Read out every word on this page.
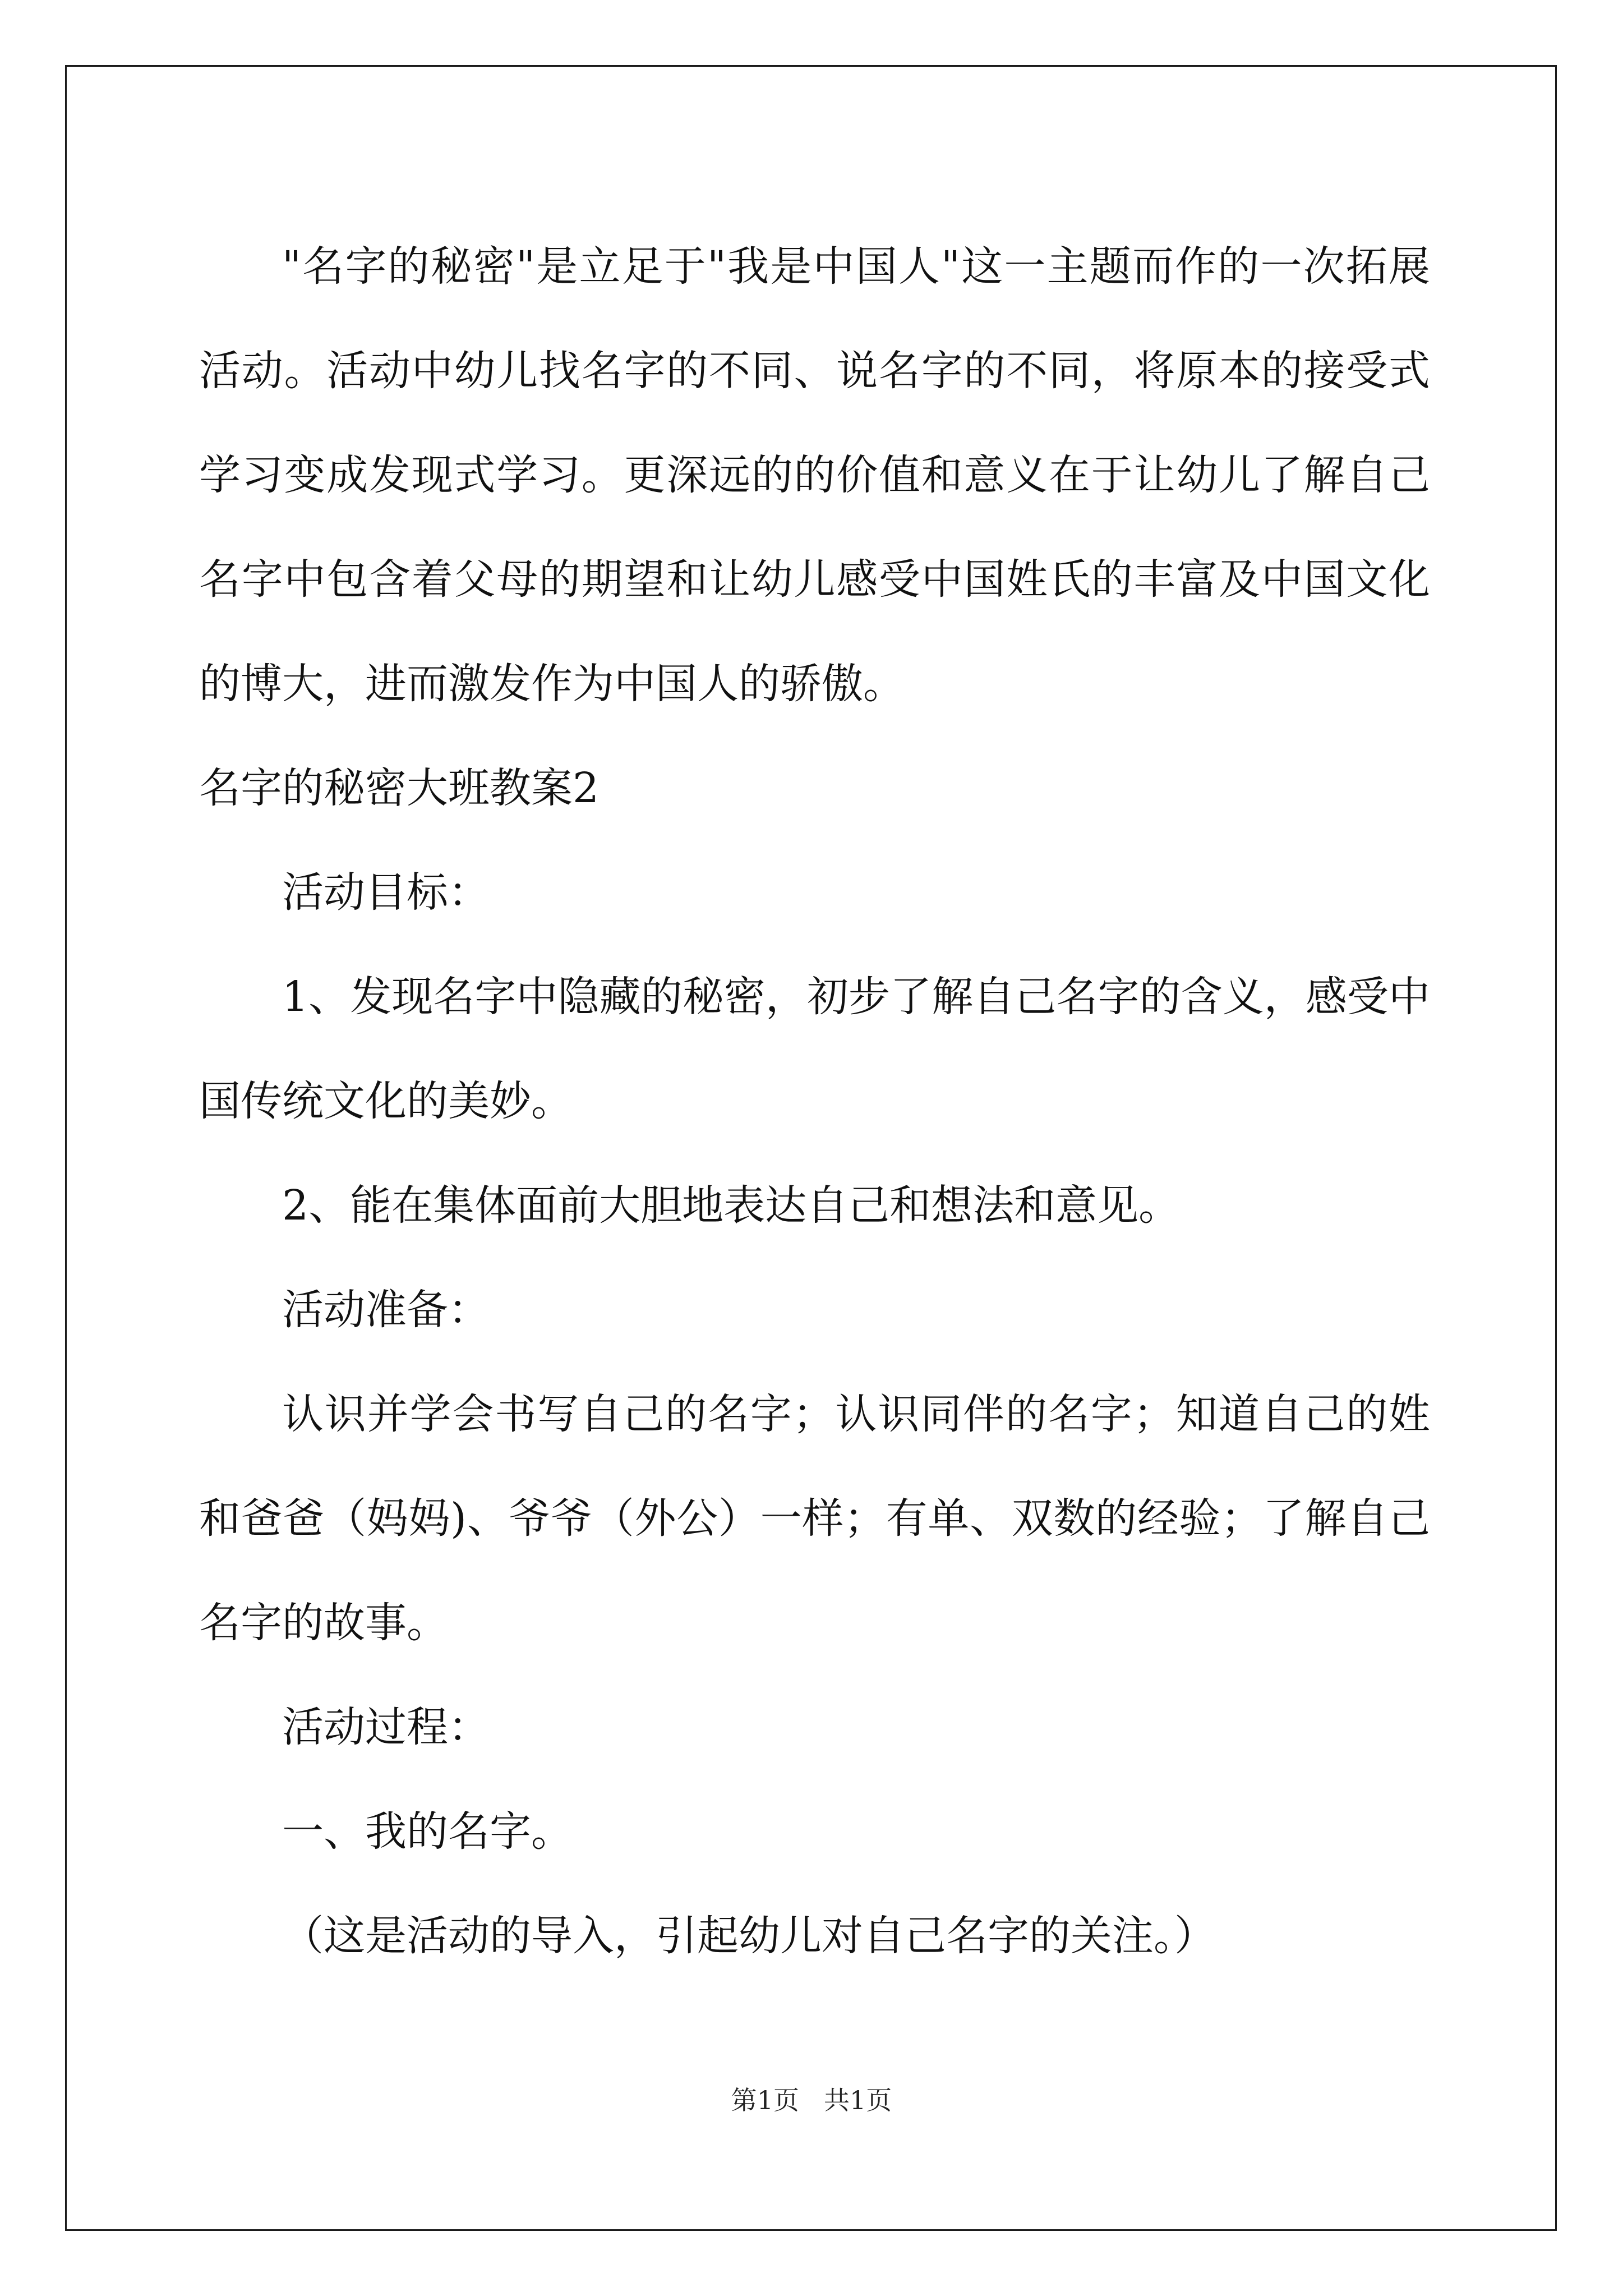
"名字的秘密"是立足于"我是中国人"这一主题而作的一次拓展活动。活动中幼儿找名字的不同、说名字的不同，将原本的接受式学习变成发现式学习。更深远的的价值和意义在于让幼儿了解自己名字中包含着父母的期望和让幼儿感受中国姓氏的丰富及中国文化的博大，进而激发作为中国人的骄傲。

名字的秘密大班教案2

活动目标：

1、发现名字中隐藏的秘密，初步了解自己名字的含义，感受中国传统文化的美妙。

2、能在集体面前大胆地表达自己和想法和意见。

活动准备：

认识并学会书写自己的名字；认识同伴的名字；知道自己的姓和爸爸（妈妈)、爷爷（外公）一样；有单、双数的经验；了解自己名字的故事。

活动过程：

一、我的名字。

（这是活动的导入，引起幼儿对自己名字的关注。）

第1页 共1页
